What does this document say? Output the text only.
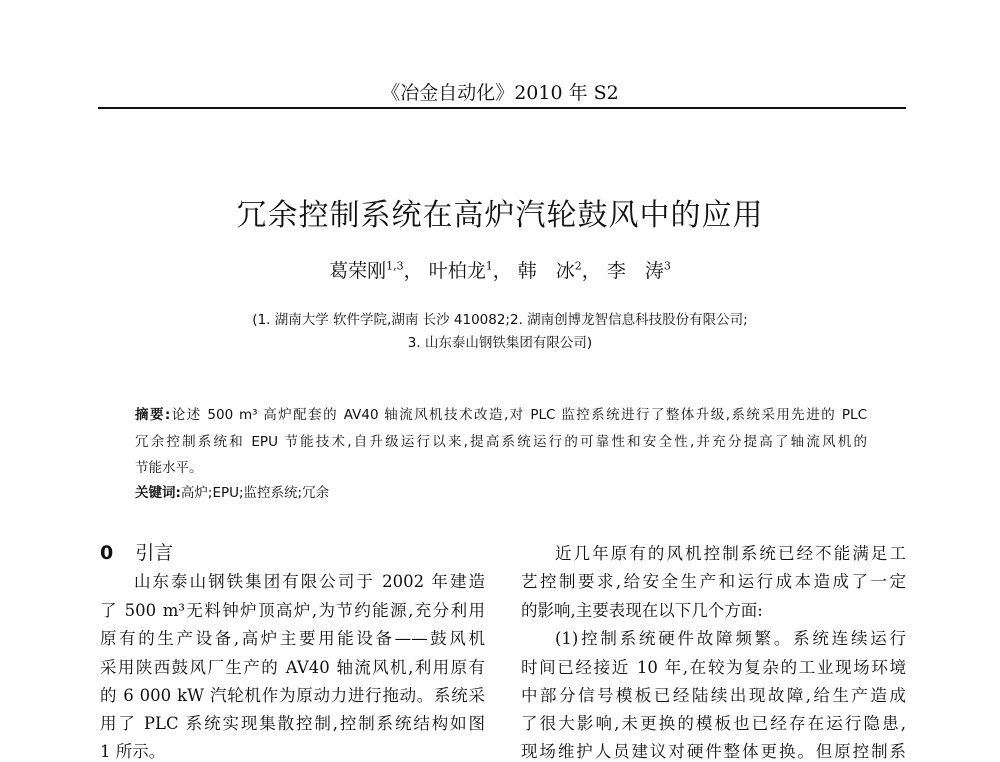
《冶金自动化》2010 年 S2
冗余控制系统在高炉汽轮鼓风中的应用
葛荣刚$^{1,3}$， 叶柏龙$^1$， 韩　冰$^2$， 李　涛$^3$
(1. 湖南大学 软件学院,湖南 长沙 410082;2. 湖南创博龙智信息科技股份有限公司;
3. 山东泰山钢铁集团有限公司)
摘要:论述 500 m³ 高炉配套的 AV40 轴流风机技术改造,对 PLC 监控系统进行了整体升级,系统采用先进的 PLC
冗余控制系统和 EPU 节能技术,自升级运行以来,提高系统运行的可靠性和安全性,并充分提高了轴流风机的
节能水平。
关键词:高炉;EPU;监控系统;冗余
0 引言
山东泰山钢铁集团有限公司于 2002 年建造
了 500 m³无料钟炉顶高炉,为节约能源,充分利用
原有的生产设备,高炉主要用能设备——鼓风机
采用陕西鼓风厂生产的 AV40 轴流风机,利用原有
的 6 000 kW 汽轮机作为原动力进行拖动。系统采
用了 PLC 系统实现集散控制,控制系统结构如图
1 所示。
近几年原有的风机控制系统已经不能满足工
艺控制要求,给安全生产和运行成本造成了一定
的影响,主要表现在以下几个方面:
(1)控制系统硬件故障频繁。系统连续运行
时间已经接近 10 年,在较为复杂的工业现场环境
中部分信号模板已经陆续出现故障,给生产造成
了很大影响,未更换的模板也已经存在运行隐患,
现场维护人员建议对硬件整体更换。但原控制系
